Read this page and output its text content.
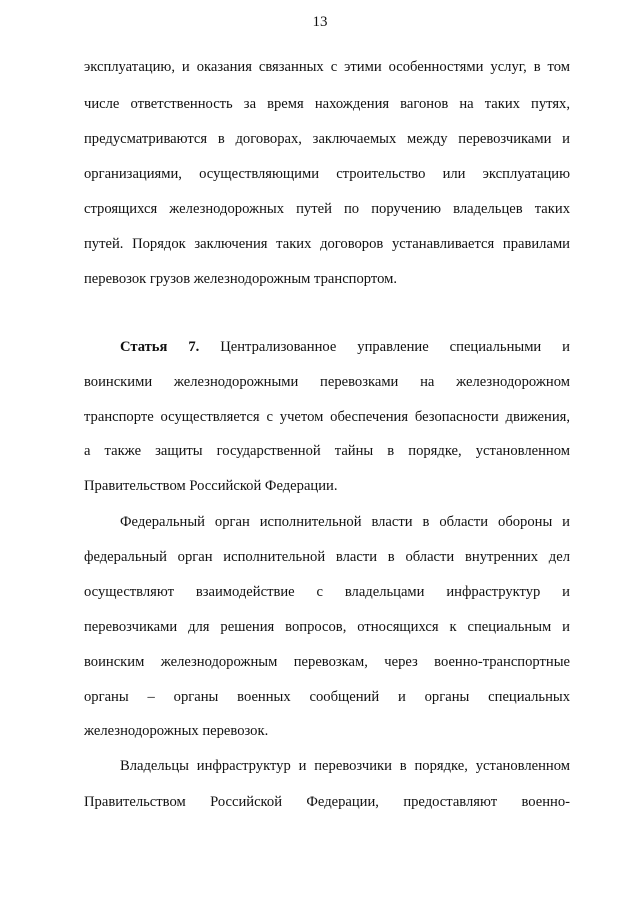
13
эксплуатацию, и оказания связанных с этими особенностями услуг, в том
числе ответственность за время нахождения вагонов на таких путях,
предусматриваются в договорах, заключаемых между перевозчиками и
организациями, осуществляющими строительство или эксплуатацию
строящихся железнодорожных путей по поручению владельцев таких
путей. Порядок заключения таких договоров устанавливается правилами
перевозок грузов железнодорожным транспортом.
Статья 7. Централизованное управление специальными и
воинскими железнодорожными перевозками на железнодорожном
транспорте осуществляется с учетом обеспечения безопасности движения,
а также защиты государственной тайны в порядке, установленном
Правительством Российской Федерации.
Федеральный орган исполнительной власти в области обороны и
федеральный орган исполнительной власти в области внутренних дел
осуществляют взаимодействие с владельцами инфраструктур и
перевозчиками для решения вопросов, относящихся к специальным и
воинским железнодорожным перевозкам, через военно-транспортные
органы – органы военных сообщений и органы специальных
железнодорожных перевозок.
Владельцы инфраструктур и перевозчики в порядке, установленном
Правительством Российской Федерации, предоставляют военно-
